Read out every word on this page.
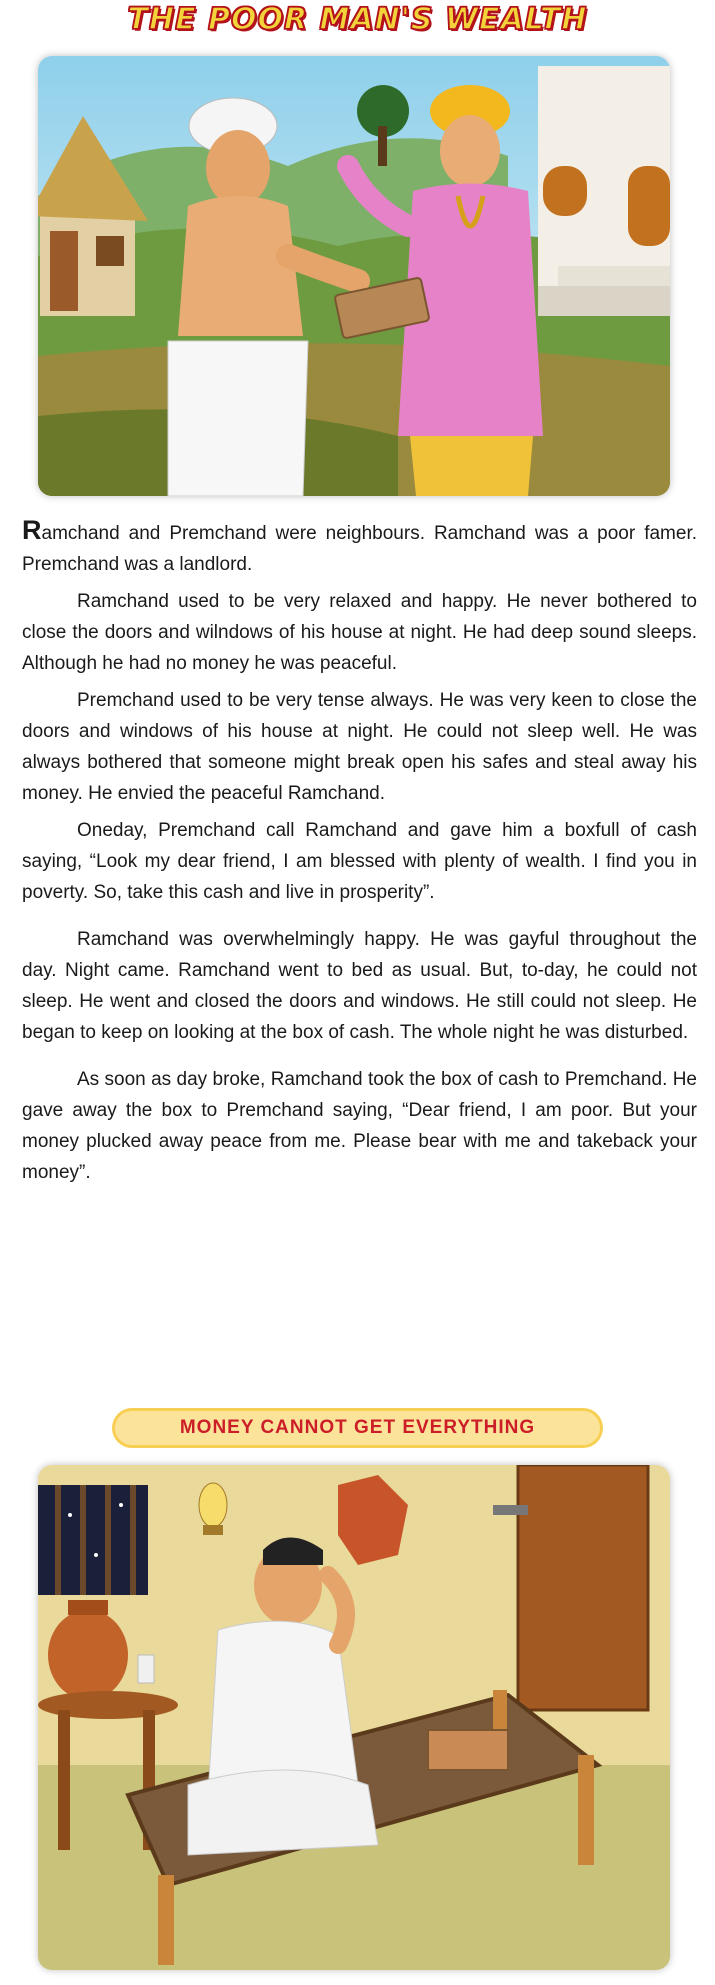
THE POOR MAN'S WEALTH

Ramchand and Premchand were neighbours. Ramchand was a poor famer. Premchand was a landlord.

Ramchand used to be very relaxed and happy. He never bothered to close the doors and wilndows of his house at night. He had deep sound sleeps. Although he had no money he was peaceful.

Premchand used to be very tense always. He was very keen to close the doors and windows of his house at night. He could not sleep well. He was always bothered that someone might break open his safes and steal away his money. He envied the peaceful Ramchand.

Oneday, Premchand call Ramchand and gave him a boxfull of cash saying, “Look my dear friend, I am blessed with plenty of wealth. I find you in poverty. So, take this cash and live in prosperity”.

Ramchand was overwhelmingly happy. He was gayful throughout the day. Night came. Ramchand went to bed as usual. But, to-day, he could not sleep. He went and closed the doors and windows. He still could not sleep. He began to keep on looking at the box of cash. The whole night he was disturbed.

As soon as day broke, Ramchand took the box of cash to Premchand. He gave away the box to Premchand saying, “Dear friend, I am poor. But your money plucked away peace from me. Please bear with me and takeback your money”.

MONEY CANNOT GET EVERYTHING
